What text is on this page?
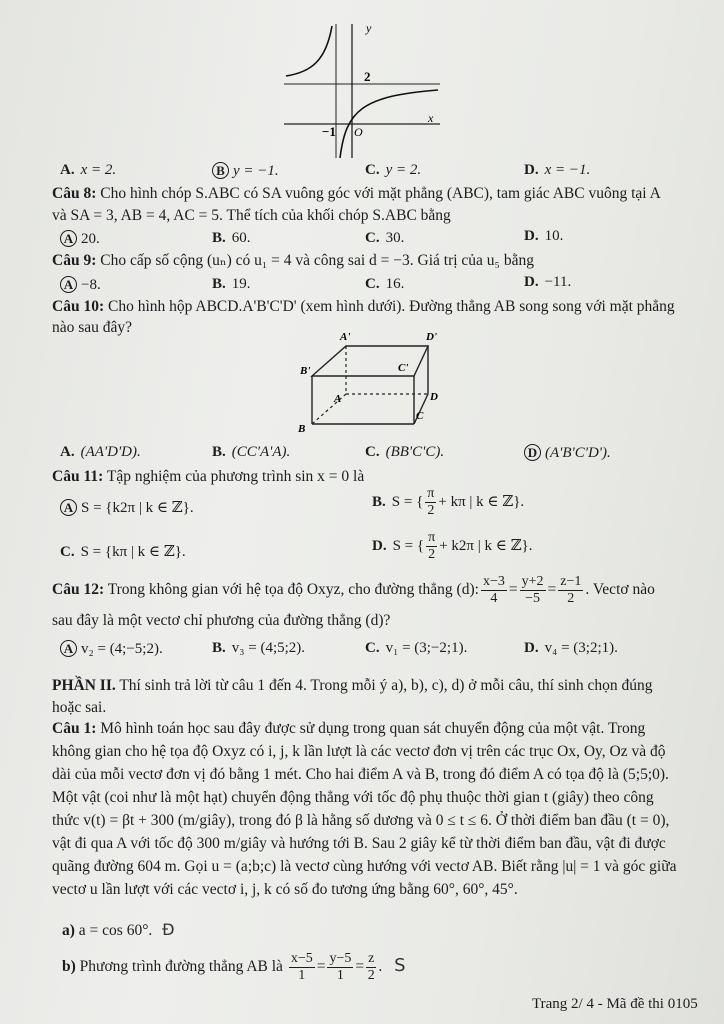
y
2
−1 O
x
A. x = 2.	B y = −1.	C. y = 2.	D. x = −1.
Câu 8: Cho hình chóp S.ABC có SA vuông góc với mặt phẳng (ABC), tam giác ABC vuông tại A
và SA = 3, AB = 4, AC = 5. Thể tích của khối chóp S.ABC bằng
A 20.	B. 60.	C. 30.	D. 10.
Câu 9: Cho cấp số cộng (uₙ) có u₁ = 4 và công sai d = −3. Giá trị của u₅ bằng
A −8.	B. 19.	C. 16.	D. −11.
Câu 10: Cho hình hộp ABCD.A'B'C'D' (xem hình dưới). Đường thẳng AB song song với mặt phẳng
nào sau đây?
A'	D'
B'	C'
A	D
B
C
A. (AA'D'D).	B. (CC'A'A).	C. (BB'C'C).	D (A'B'C'D').
Câu 11: Tập nghiệm của phương trình sin x = 0 là
A S = {k2π | k ∈ ℤ}.	B. S = { $\frac{\pi}{2} + k\pi$ | k ∈ ℤ}.
C. S = {kπ | k ∈ ℤ}.	D. S = { $\frac{\pi}{2} + k2\pi$ | k ∈ ℤ}.
Câu 12: Trong không gian với hệ tọa độ Oxyz, cho đường thẳng (d): $\frac{x-3}{4} = \frac{y+2}{-5} = \frac{z-1}{2}$ . Vectơ nào
sau đây là một vectơ chỉ phương của đường thẳng (d)?
A v₂ = (4;−5;2).	B. v₃ = (4;5;2).	C. v₁ = (3;−2;1).	D. v₄ = (3;2;1).
PHẦN II. Thí sinh trả lời từ câu 1 đến 4. Trong mỗi ý a), b), c), d) ở mỗi câu, thí sinh chọn đúng
hoặc sai.
Câu 1: Mô hình toán học sau đây được sử dụng trong quan sát chuyển động của một vật. Trong
không gian cho hệ tọa độ Oxyz có i, j, k lần lượt là các vectơ đơn vị trên các trục Ox, Oy, Oz và độ
dài của mỗi vectơ đơn vị đó bằng 1 mét. Cho hai điểm A và B, trong đó điểm A có tọa độ là (5;5;0).
Một vật (coi như là một hạt) chuyển động thẳng với tốc độ phụ thuộc thời gian t (giây) theo công
thức v(t) = βt + 300 (m/giây), trong đó β là hằng số dương và 0 ≤ t ≤ 6. Ở thời điểm ban đầu (t = 0),
vật đi qua A với tốc độ 300 m/giây và hướng tới B. Sau 2 giây kể từ thời điểm ban đầu, vật đi được
quãng đường 604 m. Gọi u = (a;b;c) là vectơ cùng hướng với vectơ AB. Biết rằng |u| = 1 và góc giữa
vectơ u lần lượt với các vectơ i, j, k có số đo tương ứng bằng 60°, 60°, 45°.
a) a = cos 60°. Đ
b) Phương trình đường thẳng AB là $\frac{x-5}{1} = \frac{y-5}{1} = \frac{z}{2}$ . S
Trang 2/ 4 - Mã đề thi 0105
